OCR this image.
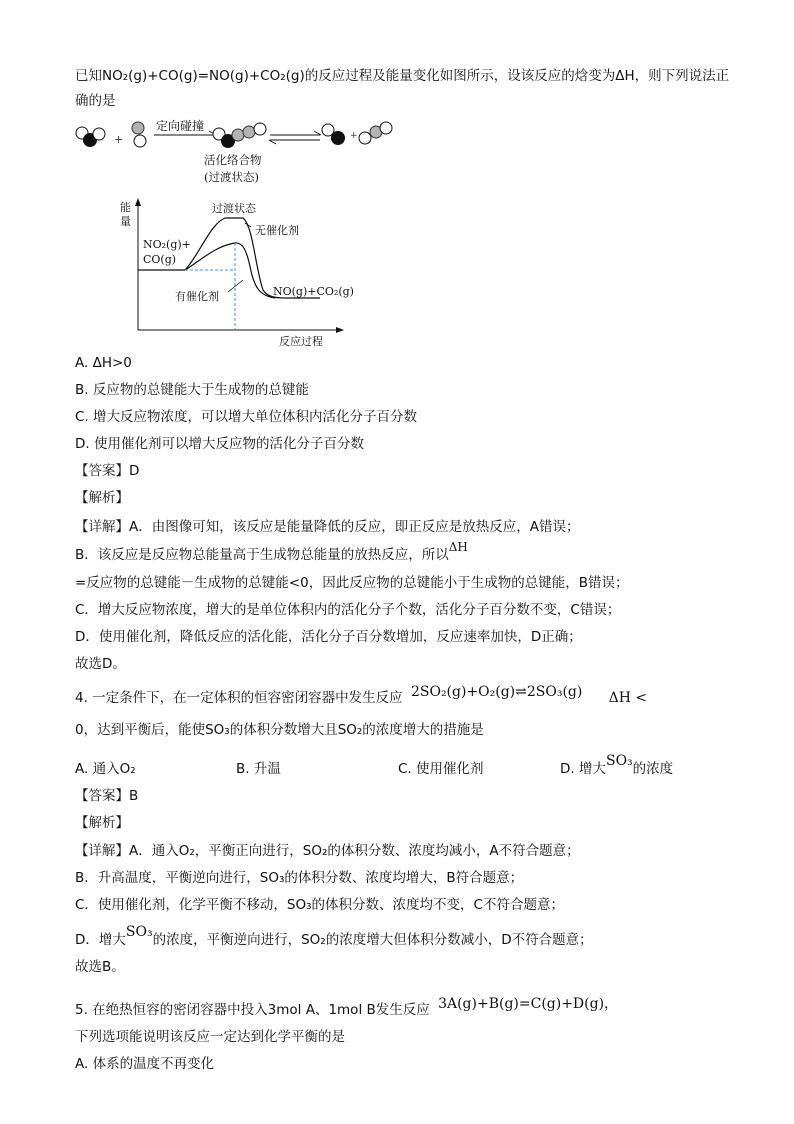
已知NO₂(g)+CO(g)=NO(g)+CO₂(g)的反应过程及能量变化如图所示，设该反应的焓变为ΔH，则下列说法正
确的是
+
定向碰撞
+
活化络合物
(过渡状态)
能
量
反应过程
过渡状态
无催化剂
有催化剂
NO₂(g)+
CO(g)
NO(g)+CO₂(g)
A. ΔH>0
B. 反应物的总键能大于生成物的总键能
C. 增大反应物浓度，可以增大单位体积内活化分子百分数
D. 使用催化剂可以增大反应物的活化分子百分数
【答案】D
【解析】
【详解】A．由图像可知，该反应是能量降低的反应，即正反应是放热反应，A错误；
B．该反应是反应物总能量高于生成物总能量的放热反应，所以ΔH
=反应物的总键能－生成物的总键能<0，因此反应物的总键能小于生成物的总键能，B错误；
C．增大反应物浓度，增大的是单位体积内的活化分子个数，活化分子百分数不变，C错误；
D．使用催化剂，降低反应的活化能，活化分子百分数增加，反应速率加快，D正确；
故选D。
4. 一定条件下，在一定体积的恒容密闭容器中发生反应 2SO₂(g)+O₂(g)⇌2SO₃(g) ΔH <
0，达到平衡后，能使SO₃的体积分数增大且SO₂的浓度增大的措施是
A. 通入O₂	B. 升温	C. 使用催化剂	D. 增大SO₃的浓度
【答案】B
【解析】
【详解】A．通入O₂，平衡正向进行，SO₂的体积分数、浓度均减小，A不符合题意；
B．升高温度，平衡逆向进行，SO₃的体积分数、浓度均增大，B符合题意；
C．使用催化剂，化学平衡不移动，SO₃的体积分数、浓度均不变，C不符合题意；
D．增大SO₃的浓度，平衡逆向进行，SO₂的浓度增大但体积分数减小，D不符合题意；
故选B。
5. 在绝热恒容的密闭容器中投入3mol A、1mol B发生反应 3A(g)+B(g)=C(g)+D(g)，
下列选项能说明该反应一定达到化学平衡的是
A. 体系的温度不再变化
